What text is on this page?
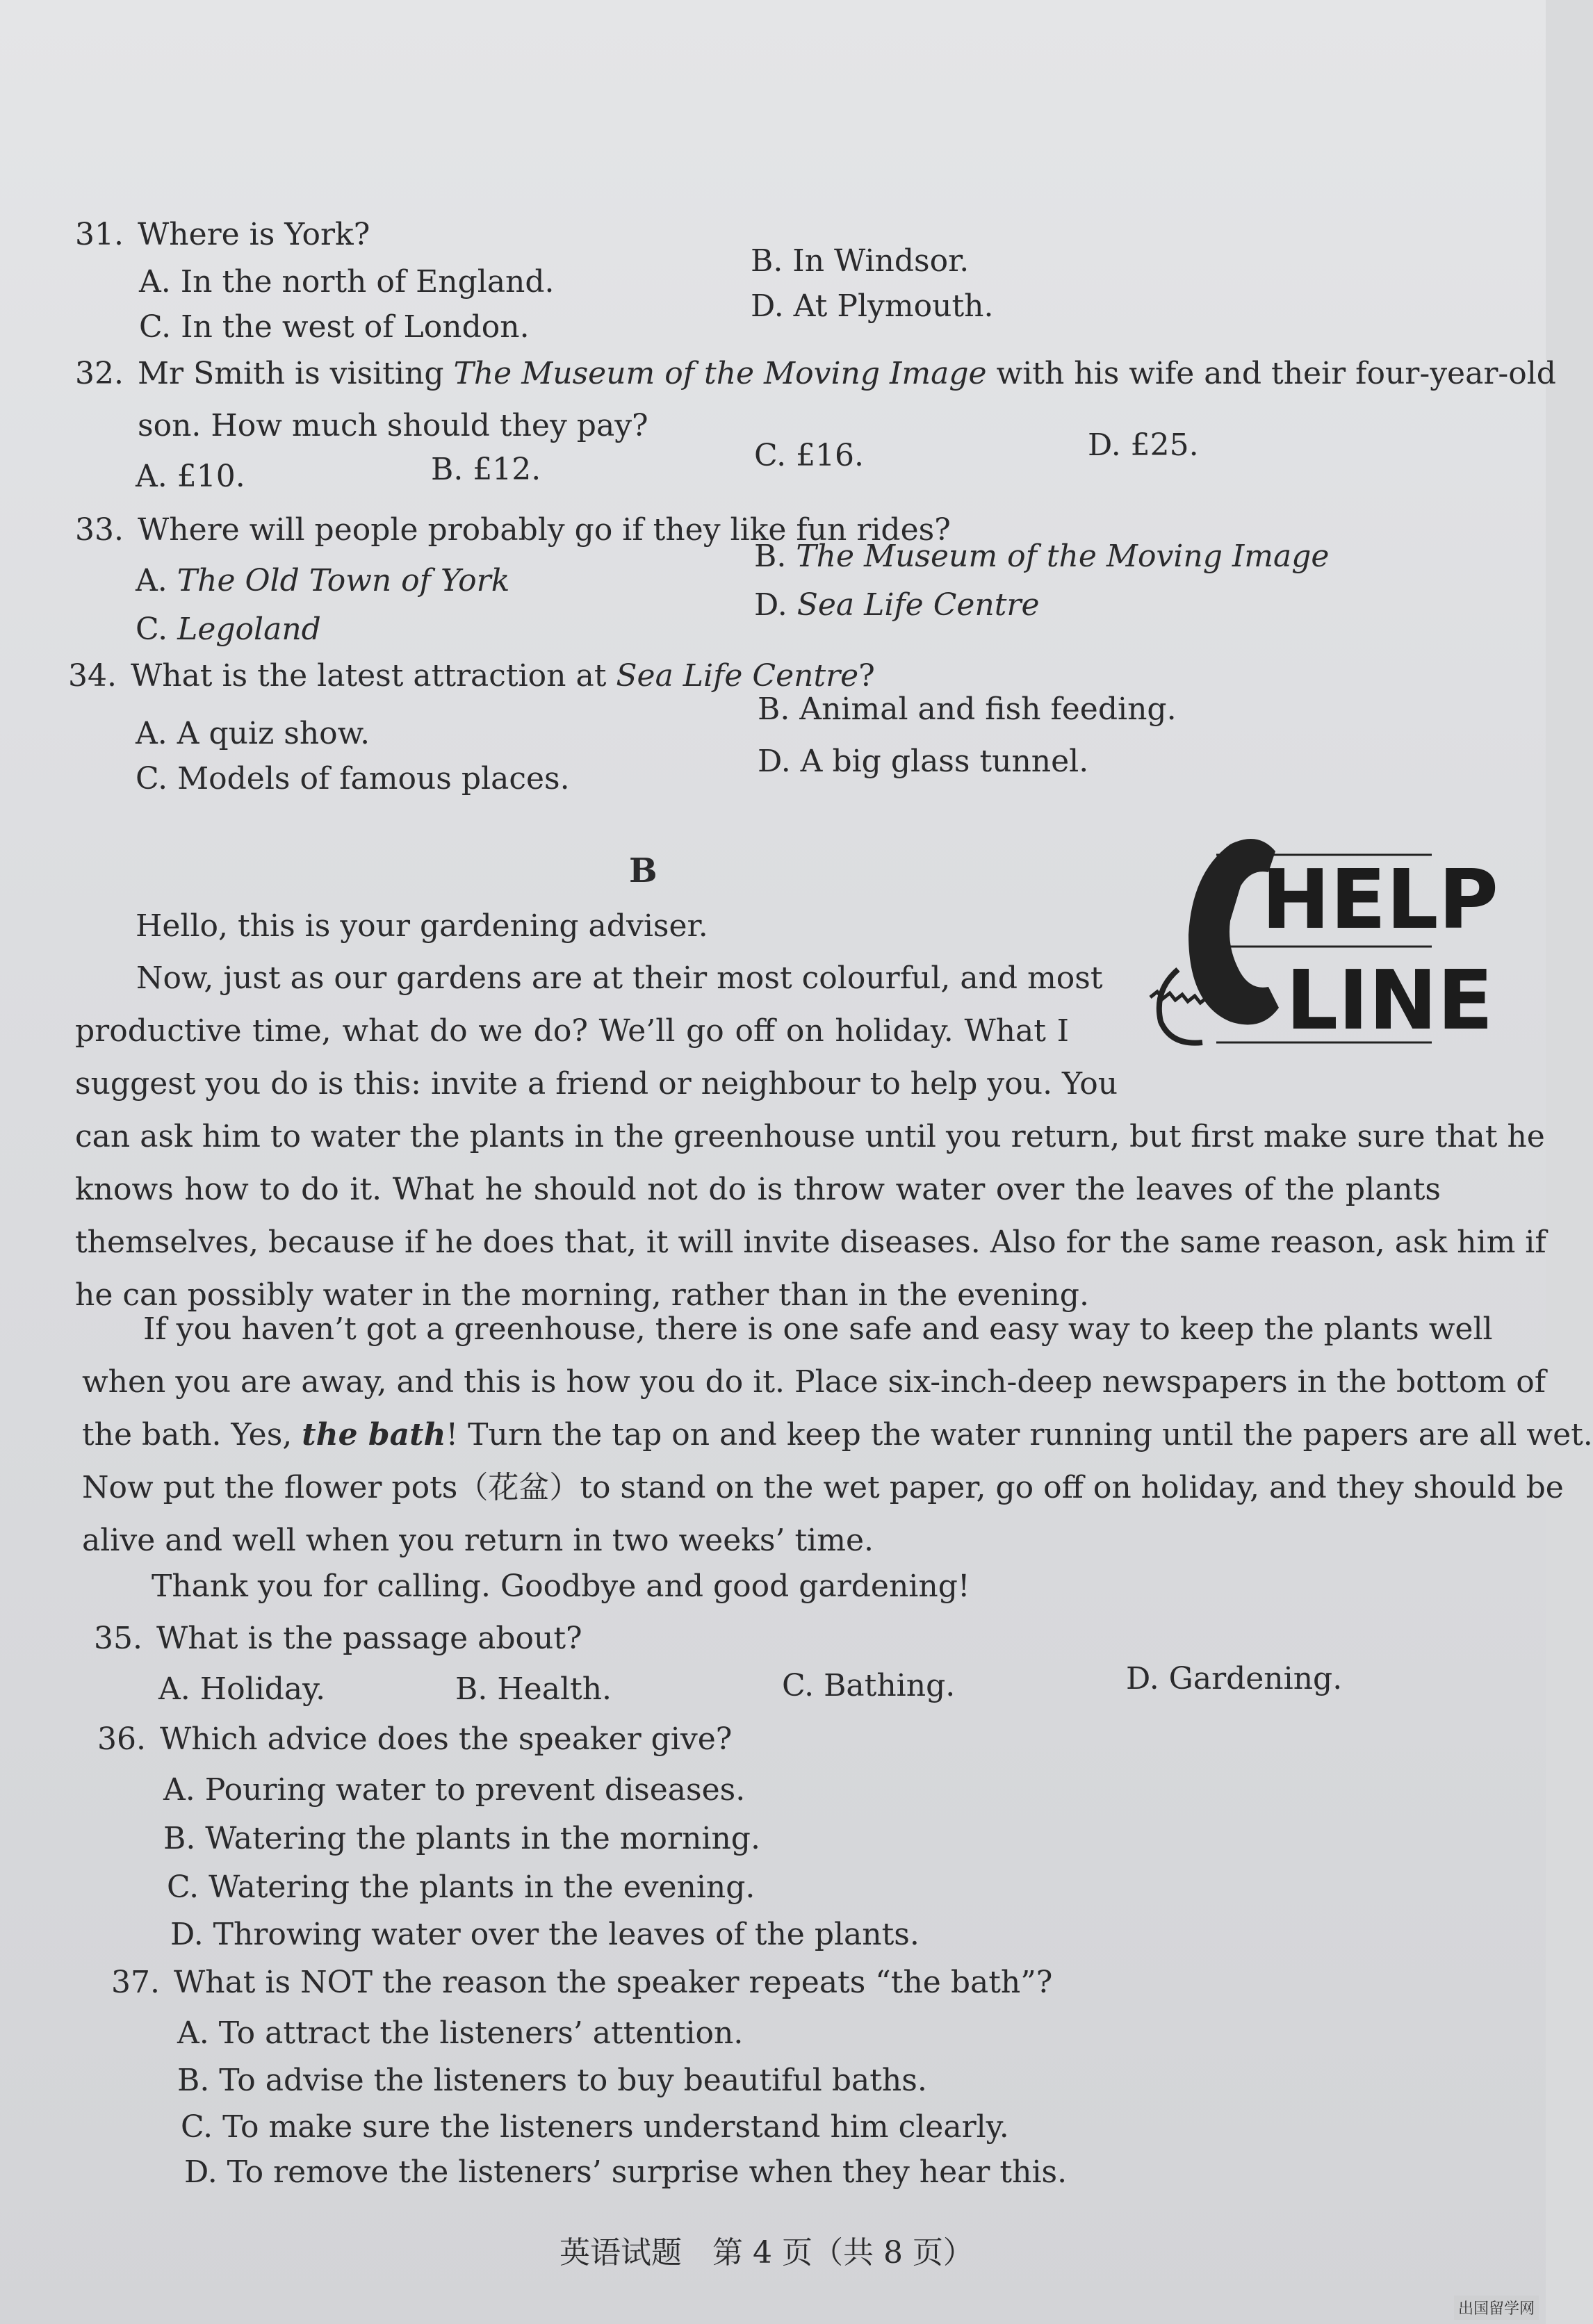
31. Where is York?
A. In the north of England.
B. In Windsor.
C. In the west of London.
D. At Plymouth.
32. Mr Smith is visiting The Museum of the Moving Image with his wife and their four-year-old
son. How much should they pay?
A. £10.	B. £12.	C. £16.	D. £25.
33. Where will people probably go if they like fun rides?
A. The Old Town of York
B. The Museum of the Moving Image
C. Legoland
D. Sea Life Centre
34. What is the latest attraction at Sea Life Centre?
A. A quiz show.
B. Animal and fish feeding.
C. Models of famous places.	D. A big glass tunnel.
B	HELP
LINE
Hello, this is your gardening adviser.
Now, just as our gardens are at their most colourful, and most
productive time, what do we do? We’ll go off on holiday. What I
suggest you do is this: invite a friend or neighbour to help you. You
can ask him to water the plants in the greenhouse until you return, but first make sure that he
knows how to do it. What he should not do is throw water over the leaves of the plants
themselves, because if he does that, it will invite diseases. Also for the same reason, ask him if
he can possibly water in the morning, rather than in the evening.
If you haven’t got a greenhouse, there is one safe and easy way to keep the plants well
when you are away, and this is how you do it. Place six-inch-deep newspapers in the bottom of
the bath. Yes, the bath! Turn the tap on and keep the water running until the papers are all wet.
Now put the flower pots（花盆）to stand on the wet paper, go off on holiday, and they should be
alive and well when you return in two weeks’ time.
Thank you for calling. Goodbye and good gardening!
35. What is the passage about?
A. Holiday.	B. Health.	C. Bathing.	D. Gardening.
36. Which advice does the speaker give?
A. Pouring water to prevent diseases.
B. Watering the plants in the morning.
C. Watering the plants in the evening.
D. Throwing water over the leaves of the plants.
37. What is NOT the reason the speaker repeats “the bath”?
A. To attract the listeners’ attention.
B. To advise the listeners to buy beautiful baths.
C. To make sure the listeners understand him clearly.
D. To remove the listeners’ surprise when they hear this.
英语试题　第 4 页（共 8 页）
出国留学网
